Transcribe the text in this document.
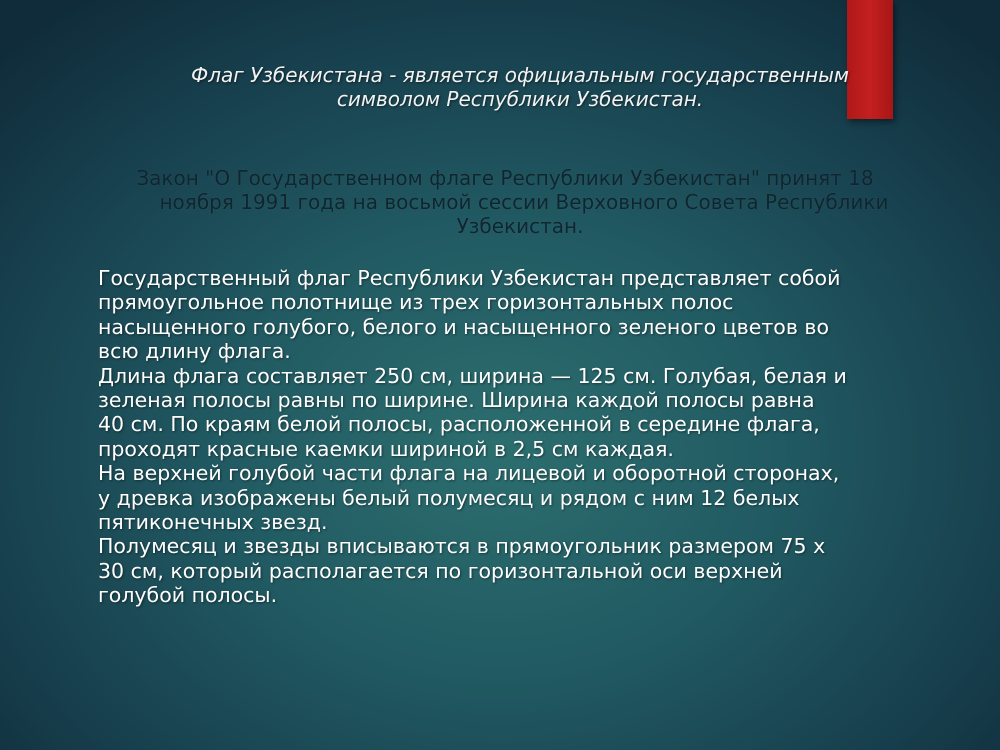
Флаг Узбекистана - является официальным государственным
символом Республики Узбекистан.
Закон "О Государственном флаге Республики Узбекистан" принят 18
ноября 1991 года на восьмой сессии Верховного Совета Республики
Узбекистан.
Государственный флаг Республики Узбекистан представляет собой
прямоугольное полотнище из трех горизонтальных полос
насыщенного голубого, белого и насыщенного зеленого цветов во
всю длину флага.
Длина флага составляет 250 см, ширина — 125 см. Голубая, белая и
зеленая полосы равны по ширине. Ширина каждой полосы равна
40 см. По краям белой полосы, расположенной в середине флага,
проходят красные каемки шириной в 2,5 см каждая.
На верхней голубой части флага на лицевой и оборотной сторонах,
у древка изображены белый полумесяц и рядом с ним 12 белых
пятиконечных звезд.
Полумесяц и звезды вписываются в прямоугольник размером 75 х
30 см, который располагается по горизонтальной оси верхней
голубой полосы.
